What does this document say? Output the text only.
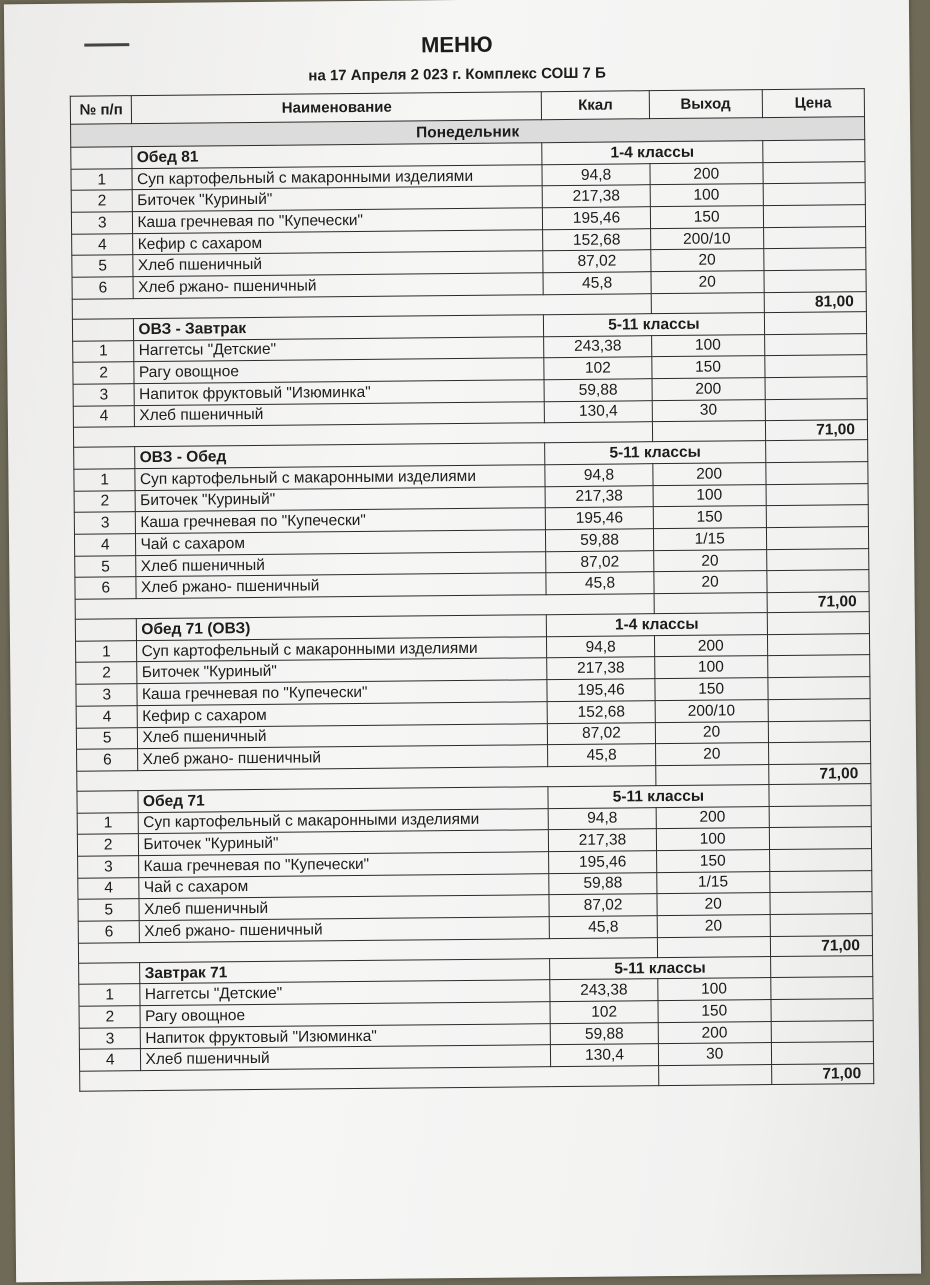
МЕНЮ
на 17 Апреля 2 023 г. Комплекс СОШ 7 Б
№ п/п	Наименование	Ккал	Выход	Цена
Понедельник				
	Обед 81	1-4 классы		
1	Суп картофельный с макаронными изделиями	94,8	200	
2	Биточек "Куриный"	217,38	100	
3	Каша гречневая по "Купечески"	195,46	150	
4	Кефир с сахаром	152,68	200/10	
5	Хлеб пшеничный	87,02	20	
6	Хлеб ржано- пшеничный	45,8	20	
				81,00
	ОВЗ - Завтрак	5-11 классы		
1	Наггетсы "Детские"	243,38	100	
2	Рагу овощное	102	150	
3	Напиток фруктовый "Изюминка"	59,88	200	
4	Хлеб пшеничный	130,4	30	
				71,00
	ОВЗ - Обед	5-11 классы		
1	Суп картофельный с макаронными изделиями	94,8	200	
2	Биточек "Куриный"	217,38	100	
3	Каша гречневая по "Купечески"	195,46	150	
4	Чай с сахаром	59,88	1/15	
5	Хлеб пшеничный	87,02	20	
6	Хлеб ржано- пшеничный	45,8	20	
				71,00
	Обед 71 (ОВЗ)	1-4 классы		
1	Суп картофельный с макаронными изделиями	94,8	200	
2	Биточек "Куриный"	217,38	100	
3	Каша гречневая по "Купечески"	195,46	150	
4	Кефир с сахаром	152,68	200/10	
5	Хлеб пшеничный	87,02	20	
6	Хлеб ржано- пшеничный	45,8	20	
				71,00
	Обед 71	5-11 классы		
1	Суп картофельный с макаронными изделиями	94,8	200	
2	Биточек "Куриный"	217,38	100	
3	Каша гречневая по "Купечески"	195,46	150	
4	Чай с сахаром	59,88	1/15	
5	Хлеб пшеничный	87,02	20	
6	Хлеб ржано- пшеничный	45,8	20	
				71,00
	Завтрак 71	5-11 классы		
1	Наггетсы "Детские"	243,38	100	
2	Рагу овощное	102	150	
3	Напиток фруктовый "Изюминка"	59,88	200	
4	Хлеб пшеничный	130,4	30	
				71,00
